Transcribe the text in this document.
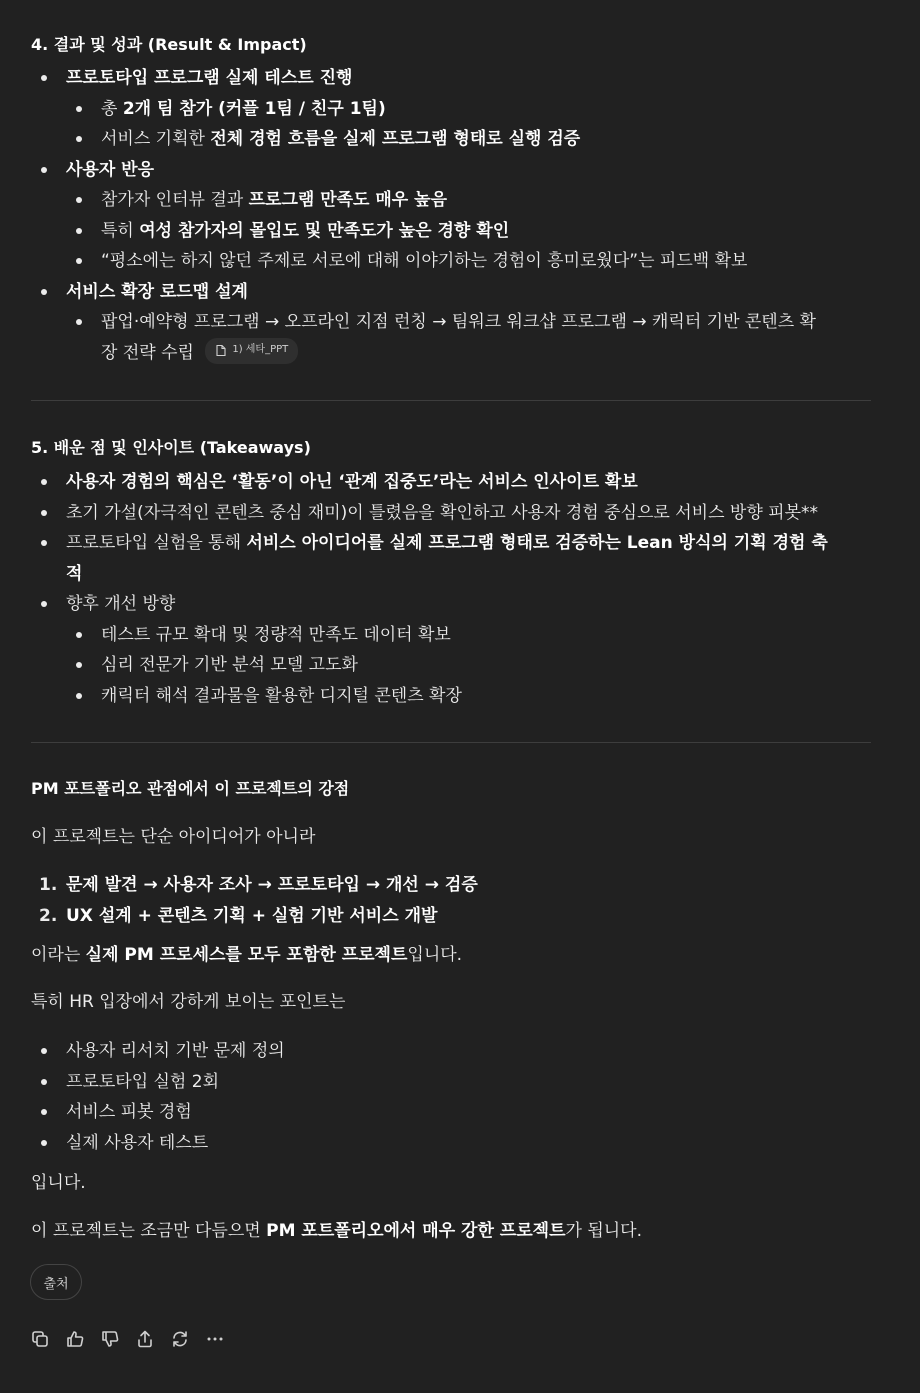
4. 결과 및 성과 (Result & Impact)
프로토타입 프로그램 실제 테스트 진행
총 2개 팀 참가 (커플 1팀 / 친구 1팀)
서비스 기획한 전체 경험 흐름을 실제 프로그램 형태로 실행 검증
사용자 반응
참가자 인터뷰 결과 프로그램 만족도 매우 높음
특히 여성 참가자의 몰입도 및 만족도가 높은 경향 확인
“평소에는 하지 않던 주제로 서로에 대해 이야기하는 경험이 흥미로웠다”는 피드백 확보
서비스 확장 로드맵 설계
팝업·예약형 프로그램 → 오프라인 지점 런칭 → 팀워크 워크샵 프로그램 → 캐릭터 기반 콘텐츠 확
장 전략 수립	1) 세타_PPT
5. 배운 점 및 인사이트 (Takeaways)
사용자 경험의 핵심은 ‘활동’이 아닌 ‘관계 집중도’라는 서비스 인사이트 확보
초기 가설(자극적인 콘텐츠 중심 재미)이 틀렸음을 확인하고 사용자 경험 중심으로 서비스 방향 피봇**
프로토타입 실험을 통해 서비스 아이디어를 실제 프로그램 형태로 검증하는 Lean 방식의 기획 경험 축
적
향후 개선 방향
테스트 규모 확대 및 정량적 만족도 데이터 확보
심리 전문가 기반 분석 모델 고도화
캐릭터 해석 결과물을 활용한 디지털 콘텐츠 확장
PM 포트폴리오 관점에서 이 프로젝트의 강점
이 프로젝트는 단순 아이디어가 아니라
1. 문제 발견 → 사용자 조사 → 프로토타입 → 개선 → 검증
2. UX 설계 + 콘텐츠 기획 + 실험 기반 서비스 개발
이라는 실제 PM 프로세스를 모두 포함한 프로젝트입니다.
특히 HR 입장에서 강하게 보이는 포인트는
사용자 리서치 기반 문제 정의
프로토타입 실험 2회
서비스 피봇 경험
실제 사용자 테스트
입니다.
이 프로젝트는 조금만 다듬으면 PM 포트폴리오에서 매우 강한 프로젝트가 됩니다.
출처
